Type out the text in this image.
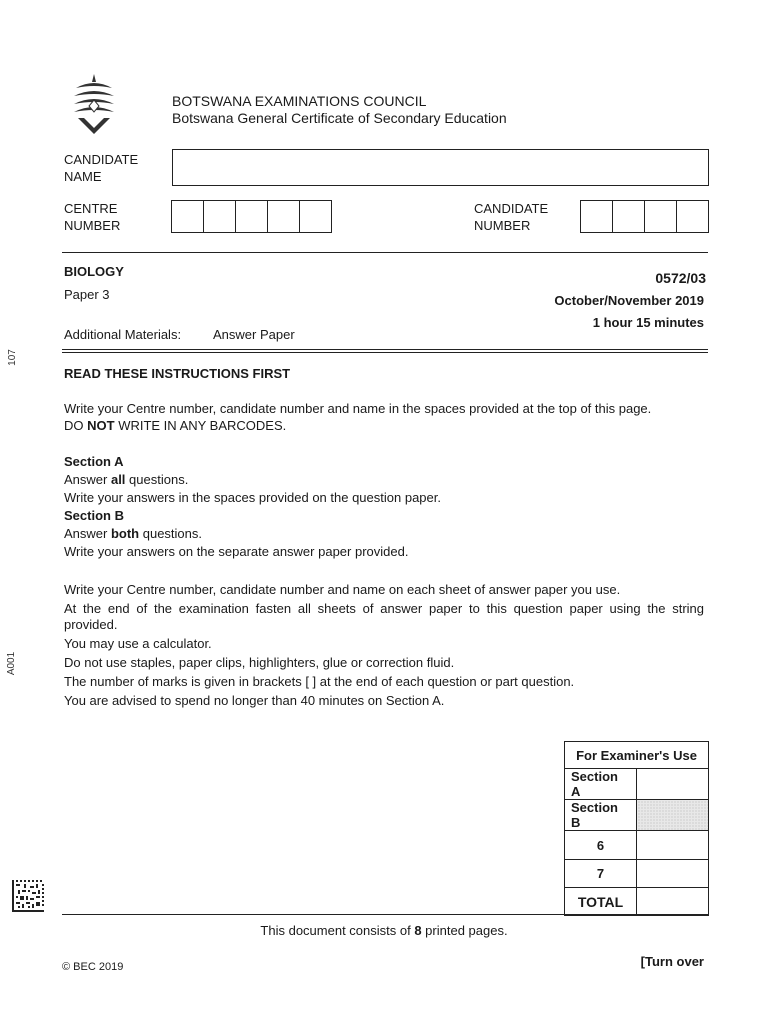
BOTSWANA EXAMINATIONS COUNCIL
Botswana General Certificate of Secondary Education
CANDIDATE
NAME
CENTRE
NUMBER
CANDIDATE
NUMBER
BIOLOGY
Paper 3
0572/03
October/November 2019
1 hour 15 minutes
Additional Materials: Answer Paper
107
A001
READ THESE INSTRUCTIONS FIRST

Write your Centre number, candidate number and name in the spaces provided at the top of this page.

DO NOT WRITE IN ANY BARCODES.

Section A

Answer all questions.

Write your answers in the spaces provided on the question paper.

Section B

Answer both questions.

Write your answers on the separate answer paper provided.

Write your Centre number, candidate number and name on each sheet of answer paper you use.

At the end of the examination fasten all sheets of answer paper to this question paper using the string provided.

You may use a calculator.

Do not use staples, paper clips, highlighters, glue or correction fluid.

The number of marks is given in brackets [ ] at the end of each question or part question.

You are advised to spend no longer than 40 minutes on Section A.

For Examiner's Use	
Section A	
Section B	
6	
7	
TOTAL	
This document consists of 8 printed pages.
© BEC 2019	[Turn over
